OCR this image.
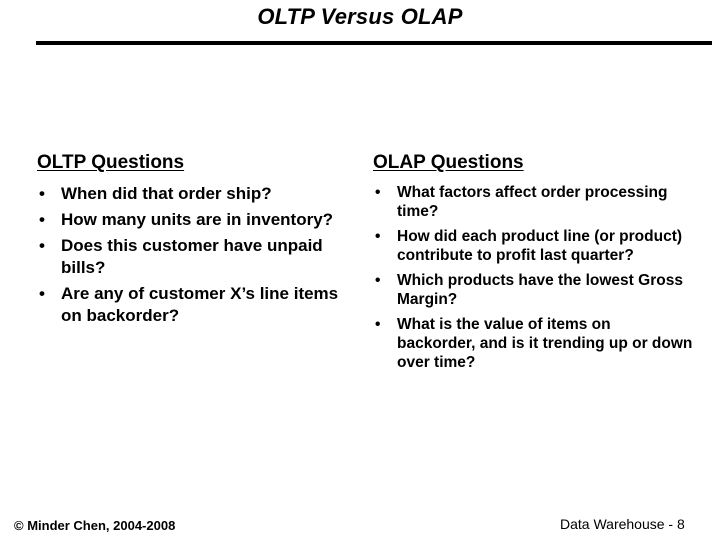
OLTP Versus OLAP
OLTP Questions
• When did that order ship?
• How many units are in inventory?
• Does this customer have unpaid bills?
• Are any of customer X’s line items on backorder?
OLAP Questions
• What factors affect order processing time?
• How did each product line (or product) contribute to profit last quarter?
• Which products have the lowest Gross Margin?
• What is the value of items on backorder, and is it trending up or down over time?
© Minder Chen, 2004-2008	Data Warehouse - 8
